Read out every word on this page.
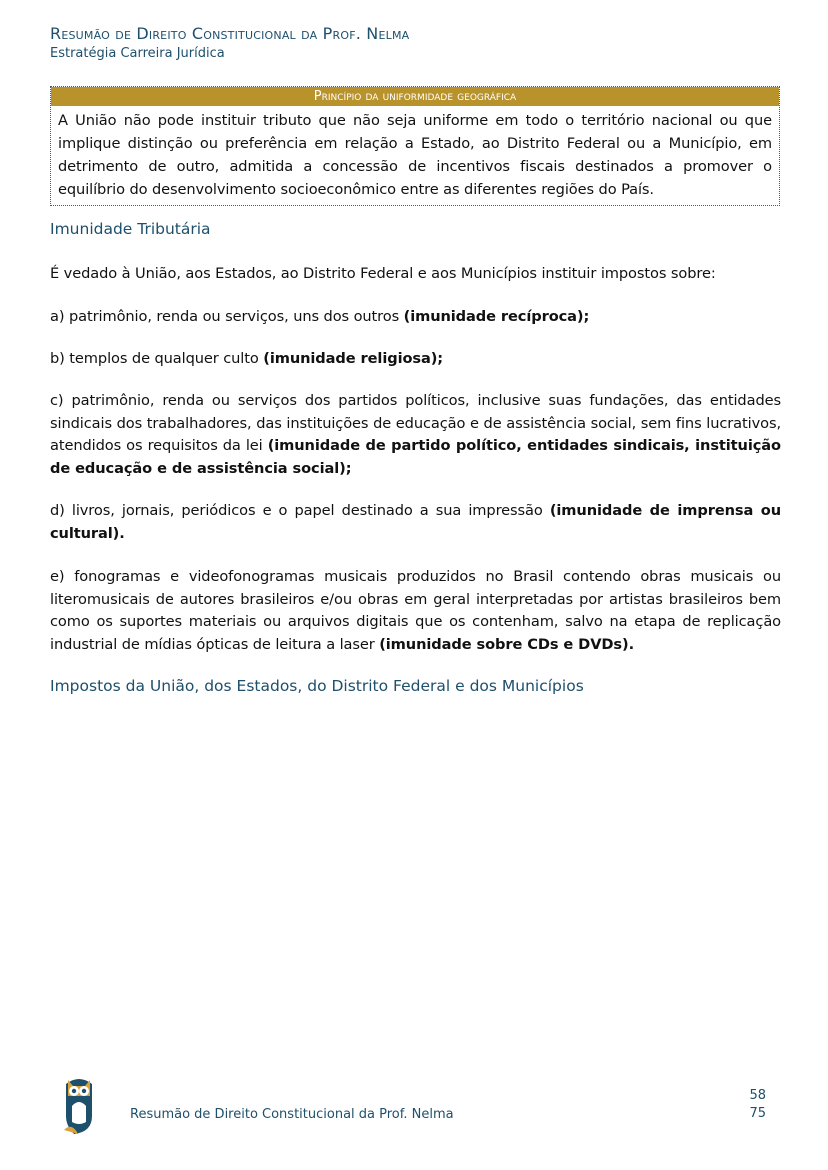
Resumão de Direito Constitucional da Prof. Nelma
Estratégia Carreira Jurídica
Princípio da uniformidade geográfica
A União não pode instituir tributo que não seja uniforme em todo o território nacional ou que implique distinção ou preferência em relação a Estado, ao Distrito Federal ou a Município, em detrimento de outro, admitida a concessão de incentivos fiscais destinados a promover o equilíbrio do desenvolvimento socioeconômico entre as diferentes regiões do País.
Imunidade Tributária
É vedado à União, aos Estados, ao Distrito Federal e aos Municípios instituir impostos sobre:
a) patrimônio, renda ou serviços, uns dos outros (imunidade recíproca);
b) templos de qualquer culto (imunidade religiosa);
c) patrimônio, renda ou serviços dos partidos políticos, inclusive suas fundações, das entidades sindicais dos trabalhadores, das instituições de educação e de assistência social, sem fins lucrativos, atendidos os requisitos da lei (imunidade de partido político, entidades sindicais, instituição de educação e de assistência social);
d) livros, jornais, periódicos e o papel destinado a sua impressão (imunidade de imprensa ou cultural).
e) fonogramas e videofonogramas musicais produzidos no Brasil contendo obras musicais ou literomusicais de autores brasileiros e/ou obras em geral interpretadas por artistas brasileiros bem como os suportes materiais ou arquivos digitais que os contenham, salvo na etapa de replicação industrial de mídias ópticas de leitura a laser (imunidade sobre CDs e DVDs).
Impostos da União, dos Estados, do Distrito Federal e dos Municípios
Resumão de Direito Constitucional da Prof. Nelma
58
75
